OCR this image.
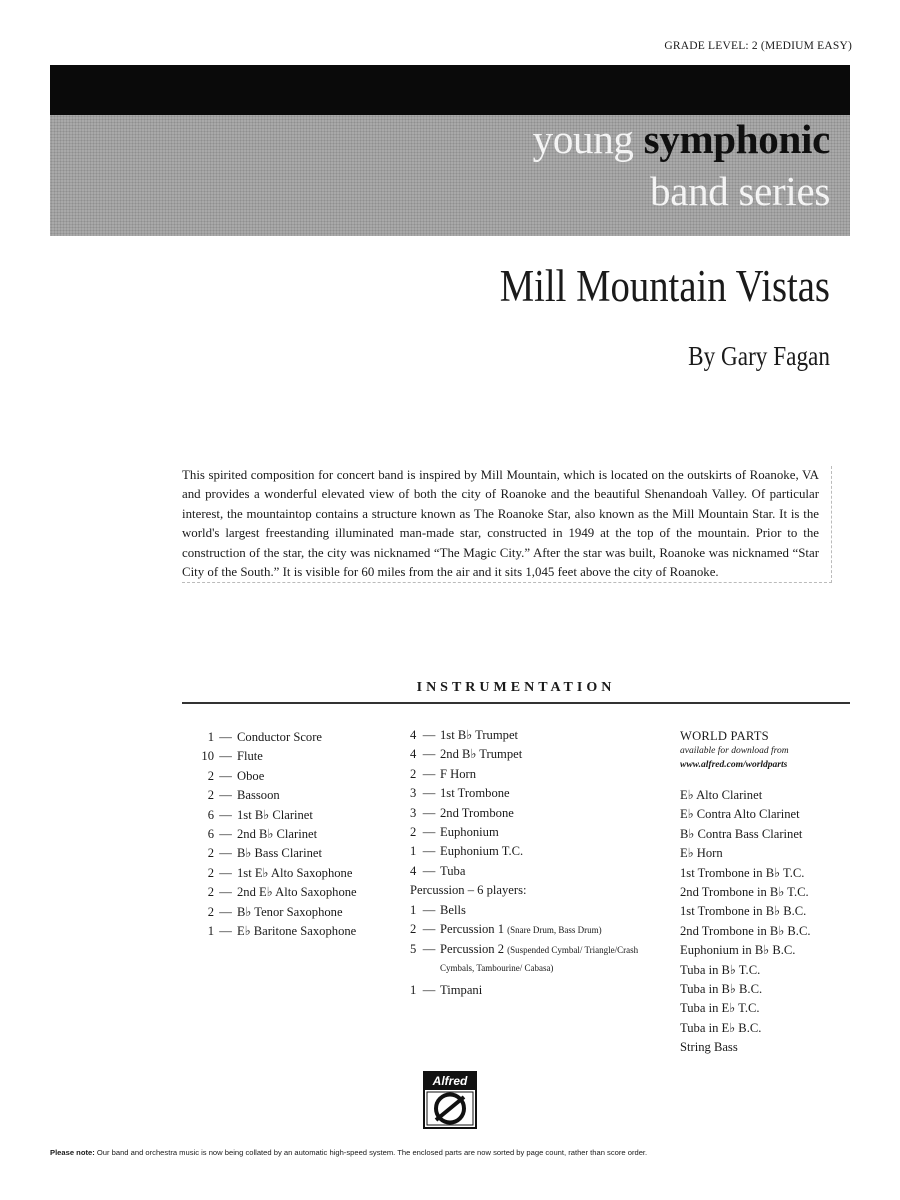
GRADE LEVEL: 2 (MEDIUM EASY)
young symphonic
band series
Mill Mountain Vistas
By Gary Fagan

This spirited composition for concert band is inspired by Mill Mountain, which is located on the outskirts of Roanoke, VA and provides a wonderful elevated view of both the city of Roanoke and the beautiful Shenandoah Valley. Of particular interest, the mountaintop contains a structure known as The Roanoke Star, also known as the Mill Mountain Star. It is the world's largest freestanding illuminated man-made star, constructed in 1949 at the top of the mountain. Prior to the construction of the star, the city was nicknamed “The Magic City.” After the star was built, Roanoke was nicknamed “Star City of the South.” It is visible for 60 miles from the air and it sits 1,045 feet above the city of Roanoke.

INSTRUMENTATION
1 — Conductor Score
10 — Flute
2 — Oboe
2 — Bassoon
6 — 1st B♭ Clarinet
6 — 2nd B♭ Clarinet
2 — B♭ Bass Clarinet
2 — 1st E♭ Alto Saxophone
2 — 2nd E♭ Alto Saxophone
2 — B♭ Tenor Saxophone
1 — E♭ Baritone Saxophone
4 — 1st B♭ Trumpet
4 — 2nd B♭ Trumpet
2 — F Horn
3 — 1st Trombone
3 — 2nd Trombone
2 — Euphonium
1 — Euphonium T.C.
4 — Tuba
Percussion – 6 players:
1 — Bells
2 — Percussion 1 (Snare Drum, Bass Drum)
5 — Percussion 2 (Suspended Cymbal/ Triangle/Crash Cymbals, Tambourine/ Cabasa)
1 — Timpani
WORLD PARTS
available for download from
www.alfred.com/worldparts
E♭ Alto Clarinet
E♭ Contra Alto Clarinet
B♭ Contra Bass Clarinet
E♭ Horn
1st Trombone in B♭ T.C.
2nd Trombone in B♭ T.C.
1st Trombone in B♭ B.C.
2nd Trombone in B♭ B.C.
Euphonium in B♭ B.C.
Tuba in B♭ T.C.
Tuba in B♭ B.C.
Tuba in E♭ T.C.
Tuba in E♭ B.C.
String Bass
Alfred
Please note: Our band and orchestra music is now being collated by an automatic high-speed system. The enclosed parts are now sorted by page count, rather than score order.
